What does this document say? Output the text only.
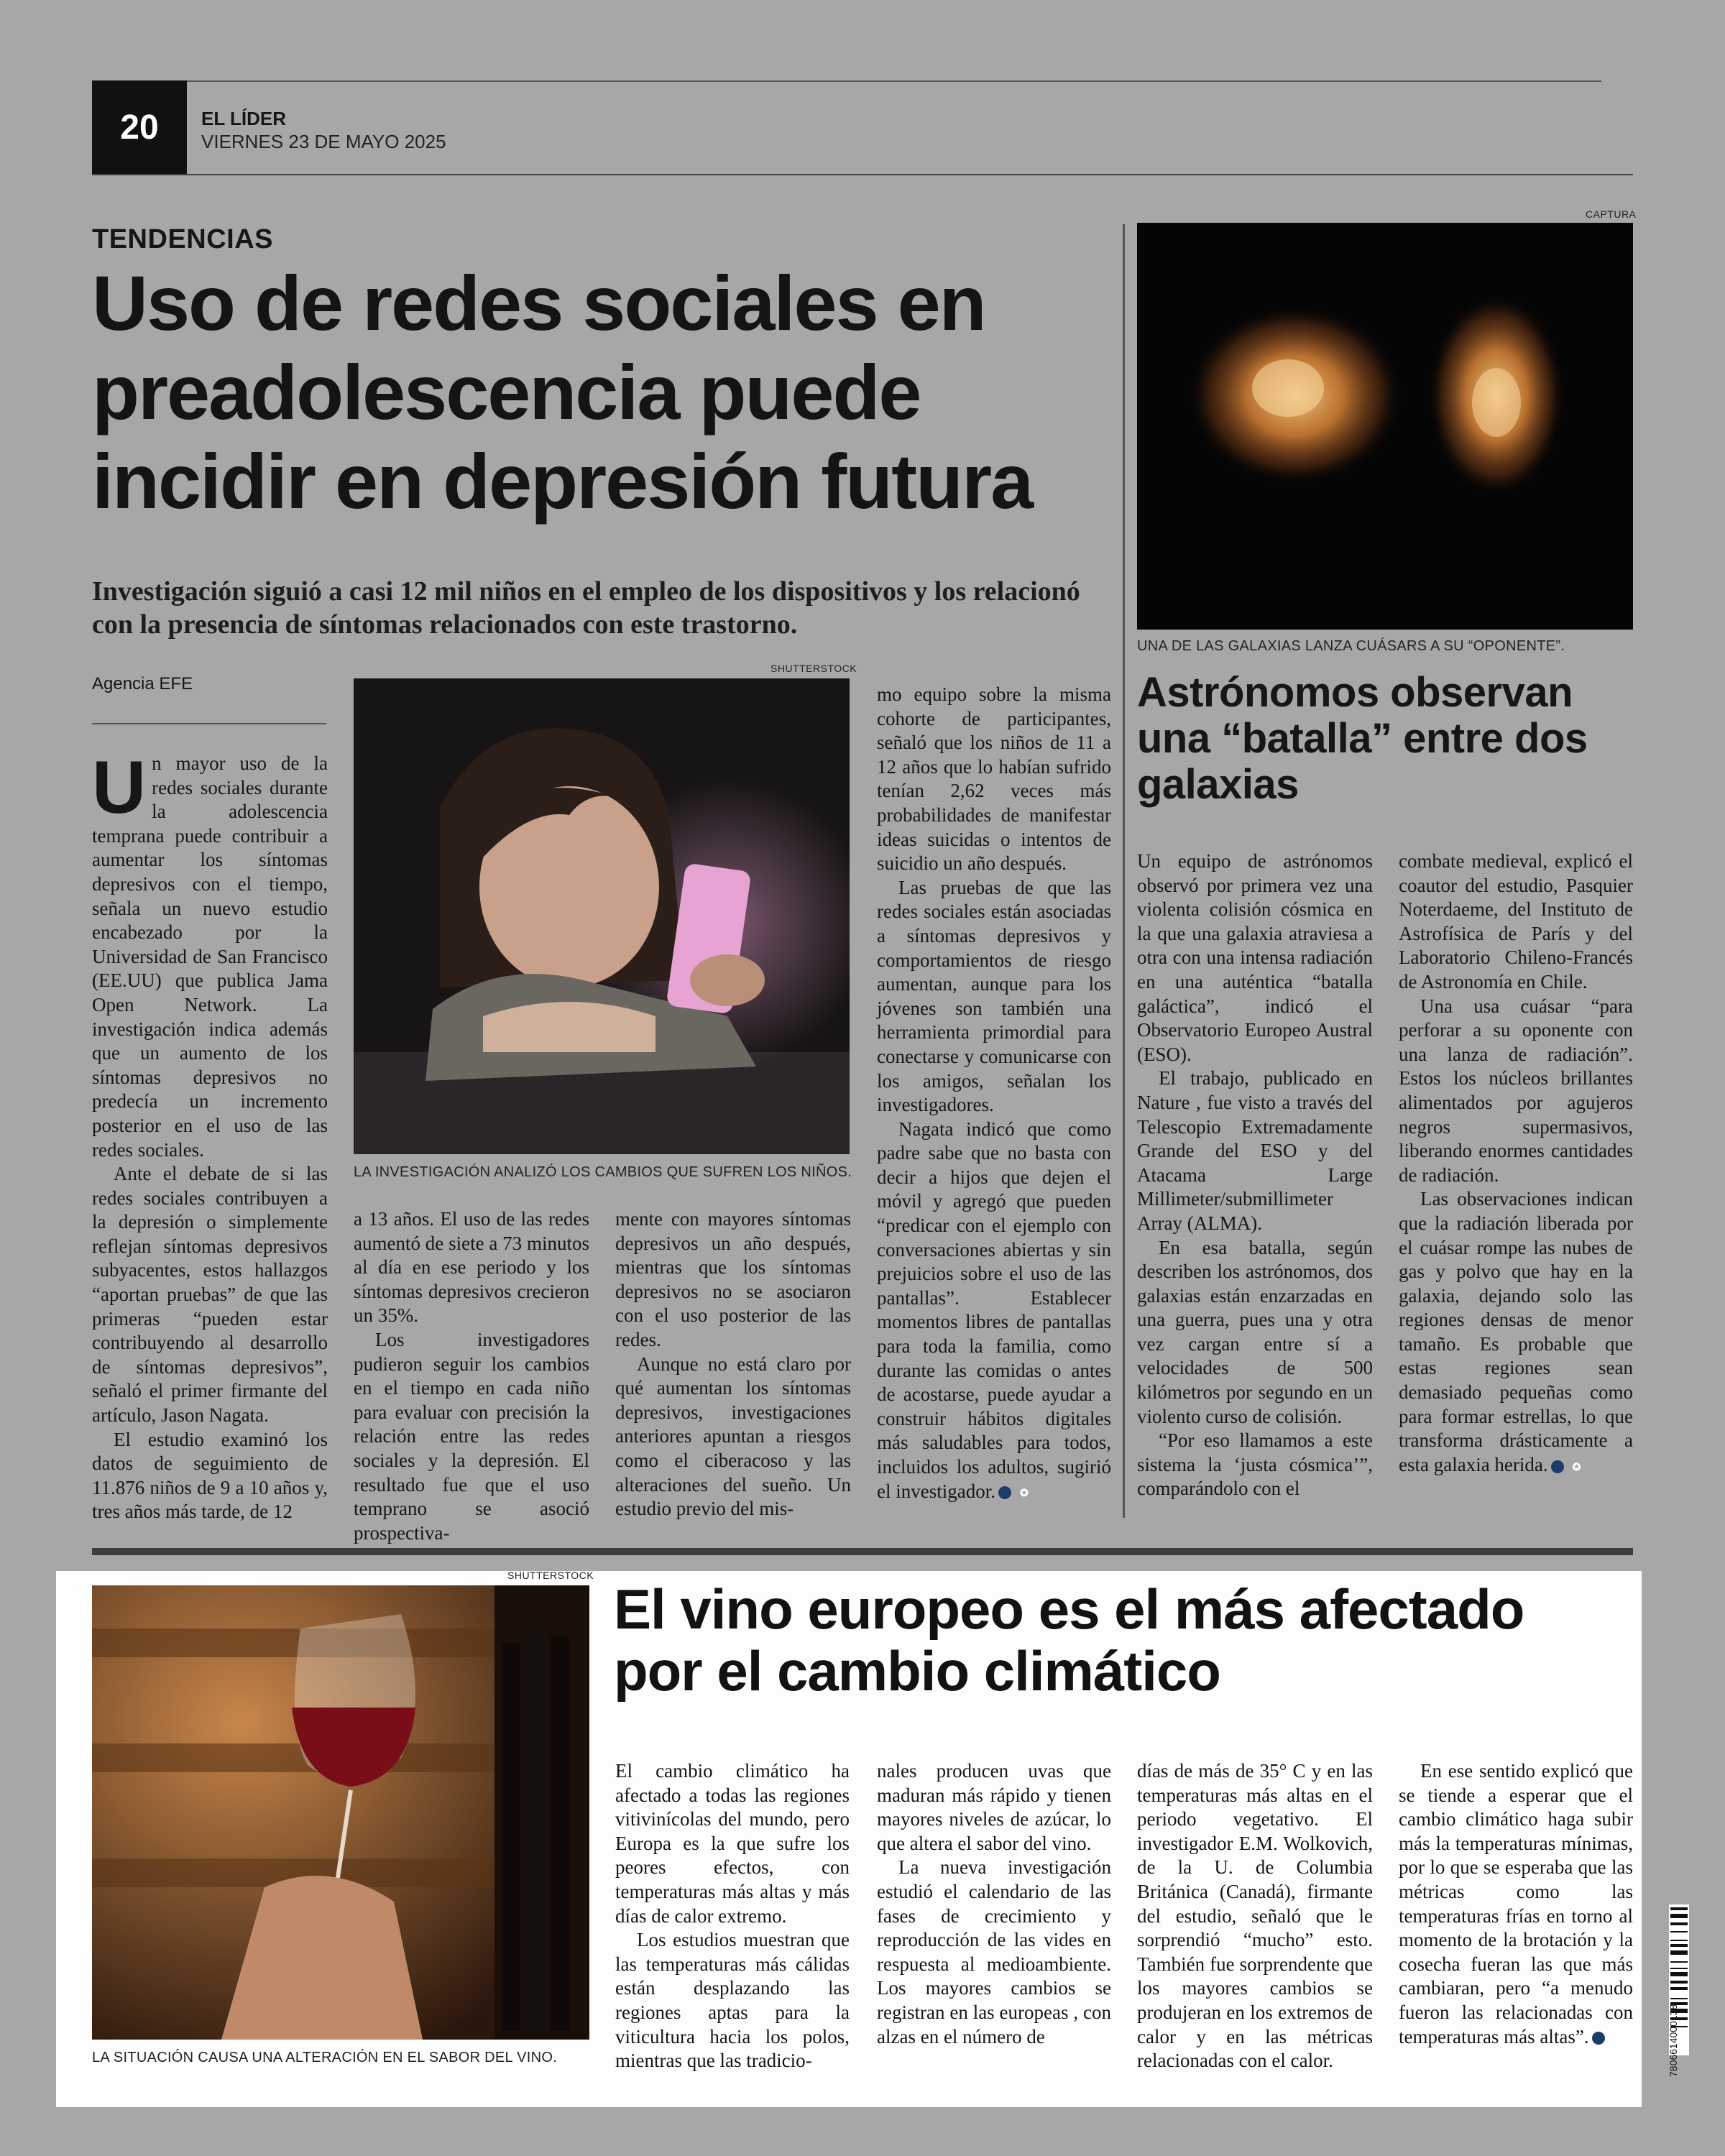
20	EL LÍDER
VIERNES 23 DE MAYO 2025
TENDENCIAS
Uso de redes sociales en preadolescencia puede incidir en depresión futura
Investigación siguió a casi 12 mil niños en el empleo de los dispositivos y los relacionó con la presencia de síntomas relacionados con este trastorno.
Agencia EFE

Un mayor uso de la redes sociales durante la adolescencia temprana puede contribuir a aumentar los síntomas depresivos con el tiempo, señala un nuevo estudio encabezado por la Universidad de San Francisco (EE.UU) que publica Jama Open Network. La investigación indica además que un aumento de los síntomas depresivos no predecía un incremento posterior en el uso de las redes sociales.

Ante el debate de si las redes sociales contribuyen a la depresión o simplemente reflejan síntomas depresivos subyacentes, estos hallazgos “aportan pruebas” de que las primeras “pueden estar contribuyendo al desarrollo de síntomas depresivos”, señaló el primer firmante del artículo, Jason Nagata.

El estudio examinó los datos de seguimiento de 11.876 niños de 9 a 10 años y, tres años más tarde, de 12

SHUTTERSTOCK
LA INVESTIGACIÓN ANALIZÓ LOS CAMBIOS QUE SUFREN LOS NIÑOS.

a 13 años. El uso de las redes aumentó de siete a 73 minutos al día en ese periodo y los síntomas depresivos crecieron un 35%.

Los investigadores pudieron seguir los cambios en el tiempo en cada niño para evaluar con precisión la relación entre las redes sociales y la depresión. El resultado fue que el uso temprano se asoció prospectiva-

mente con mayores síntomas depresivos un año después, mientras que los síntomas depresivos no se asociaron con el uso posterior de las redes.

Aunque no está claro por qué aumentan los síntomas depresivos, investigaciones anteriores apuntan a riesgos como el ciberacoso y las alteraciones del sueño. Un estudio previo del mis-

mo equipo sobre la misma cohorte de participantes, señaló que los niños de 11 a 12 años que lo habían sufrido tenían 2,62 veces más probabilidades de manifestar ideas suicidas o intentos de suicidio un año después.

Las pruebas de que las redes sociales están asociadas a síntomas depresivos y comportamientos de riesgo aumentan, aunque para los jóvenes son también una herramienta primordial para conectarse y comunicarse con los amigos, señalan los investigadores.

Nagata indicó que como padre sabe que no basta con decir a hijos que dejen el móvil y agregó que pueden “predicar con el ejemplo con conversaciones abiertas y sin prejuicios sobre el uso de las pantallas”. Establecer momentos libres de pantallas para toda la familia, como durante las comidas o antes de acostarse, puede ayudar a construir hábitos digitales más saludables para todos, incluidos los adultos, sugirió el investigador. ✪

CAPTURA
UNA DE LAS GALAXIAS LANZA CUÁSARS A SU “OPONENTE”.
Astrónomos observan una “batalla” entre dos galaxias

Un equipo de astrónomos observó por primera vez una violenta colisión cósmica en la que una galaxia atraviesa a otra con una intensa radiación en una auténtica “batalla galáctica”, indicó el Observatorio Europeo Austral (ESO).

El trabajo, publicado en Nature , fue visto a través del Telescopio Extremadamente Grande del ESO y del Atacama Large Millimeter/submillimeter Array (ALMA).

En esa batalla, según describen los astrónomos, dos galaxias están enzarzadas en una guerra, pues una y otra vez cargan entre sí a velocidades de 500 kilómetros por segundo en un violento curso de colisión.

“Por eso llamamos a este sistema la ‘justa cósmica’”, comparándolo con el

combate medieval, explicó el coautor del estudio, Pasquier Noterdaeme, del Instituto de Astrofísica de París y del Laboratorio Chileno-Francés de Astronomía en Chile.

Una usa cuásar “para perforar a su oponente con una lanza de radiación”. Estos los núcleos brillantes alimentados por agujeros negros supermasivos, liberando enormes cantidades de radiación.

Las observaciones indican que la radiación liberada por el cuásar rompe las nubes de gas y polvo que hay en la galaxia, dejando solo las regiones densas de menor tamaño. Es probable que estas regiones sean demasiado pequeñas como para formar estrellas, lo que transforma drásticamente a esta galaxia herida. ✪

SHUTTERSTOCK
LA SITUACIÓN CAUSA UNA ALTERACIÓN EN EL SABOR DEL VINO.
El vino europeo es el más afectado por el cambio climático

El cambio climático ha afectado a todas las regiones vitivinícolas del mundo, pero Europa es la que sufre los peores efectos, con temperaturas más altas y más días de calor extremo.

Los estudios muestran que las temperaturas más cálidas están desplazando las regiones aptas para la viticultura hacia los polos, mientras que las tradicio-

nales producen uvas que maduran más rápido y tienen mayores niveles de azúcar, lo que altera el sabor del vino.

La nueva investigación estudió el calendario de las fases de crecimiento y reproducción de las vides en respuesta al medioambiente. Los mayores cambios se registran en las europeas , con alzas en el número de

días de más de 35° C y en las temperaturas más altas en el periodo vegetativo. El investigador E.M. Wolkovich, de la U. de Columbia Británica (Canadá), firmante del estudio, señaló que le sorprendió “mucho” esto. También fue sorprendente que los mayores cambios se produjeran en los extremos de calor y en las métricas relacionadas con el calor.

En ese sentido explicó que se tiende a esperar que el cambio climático haga subir más la temperaturas mínimas, por lo que se esperaba que las métricas como las temperaturas frías en torno al momento de la brotación y la cosecha fueran las que más cambiaran, pero “a menudo fueron las relacionadas con temperaturas más altas”. ✪	7806614000138
